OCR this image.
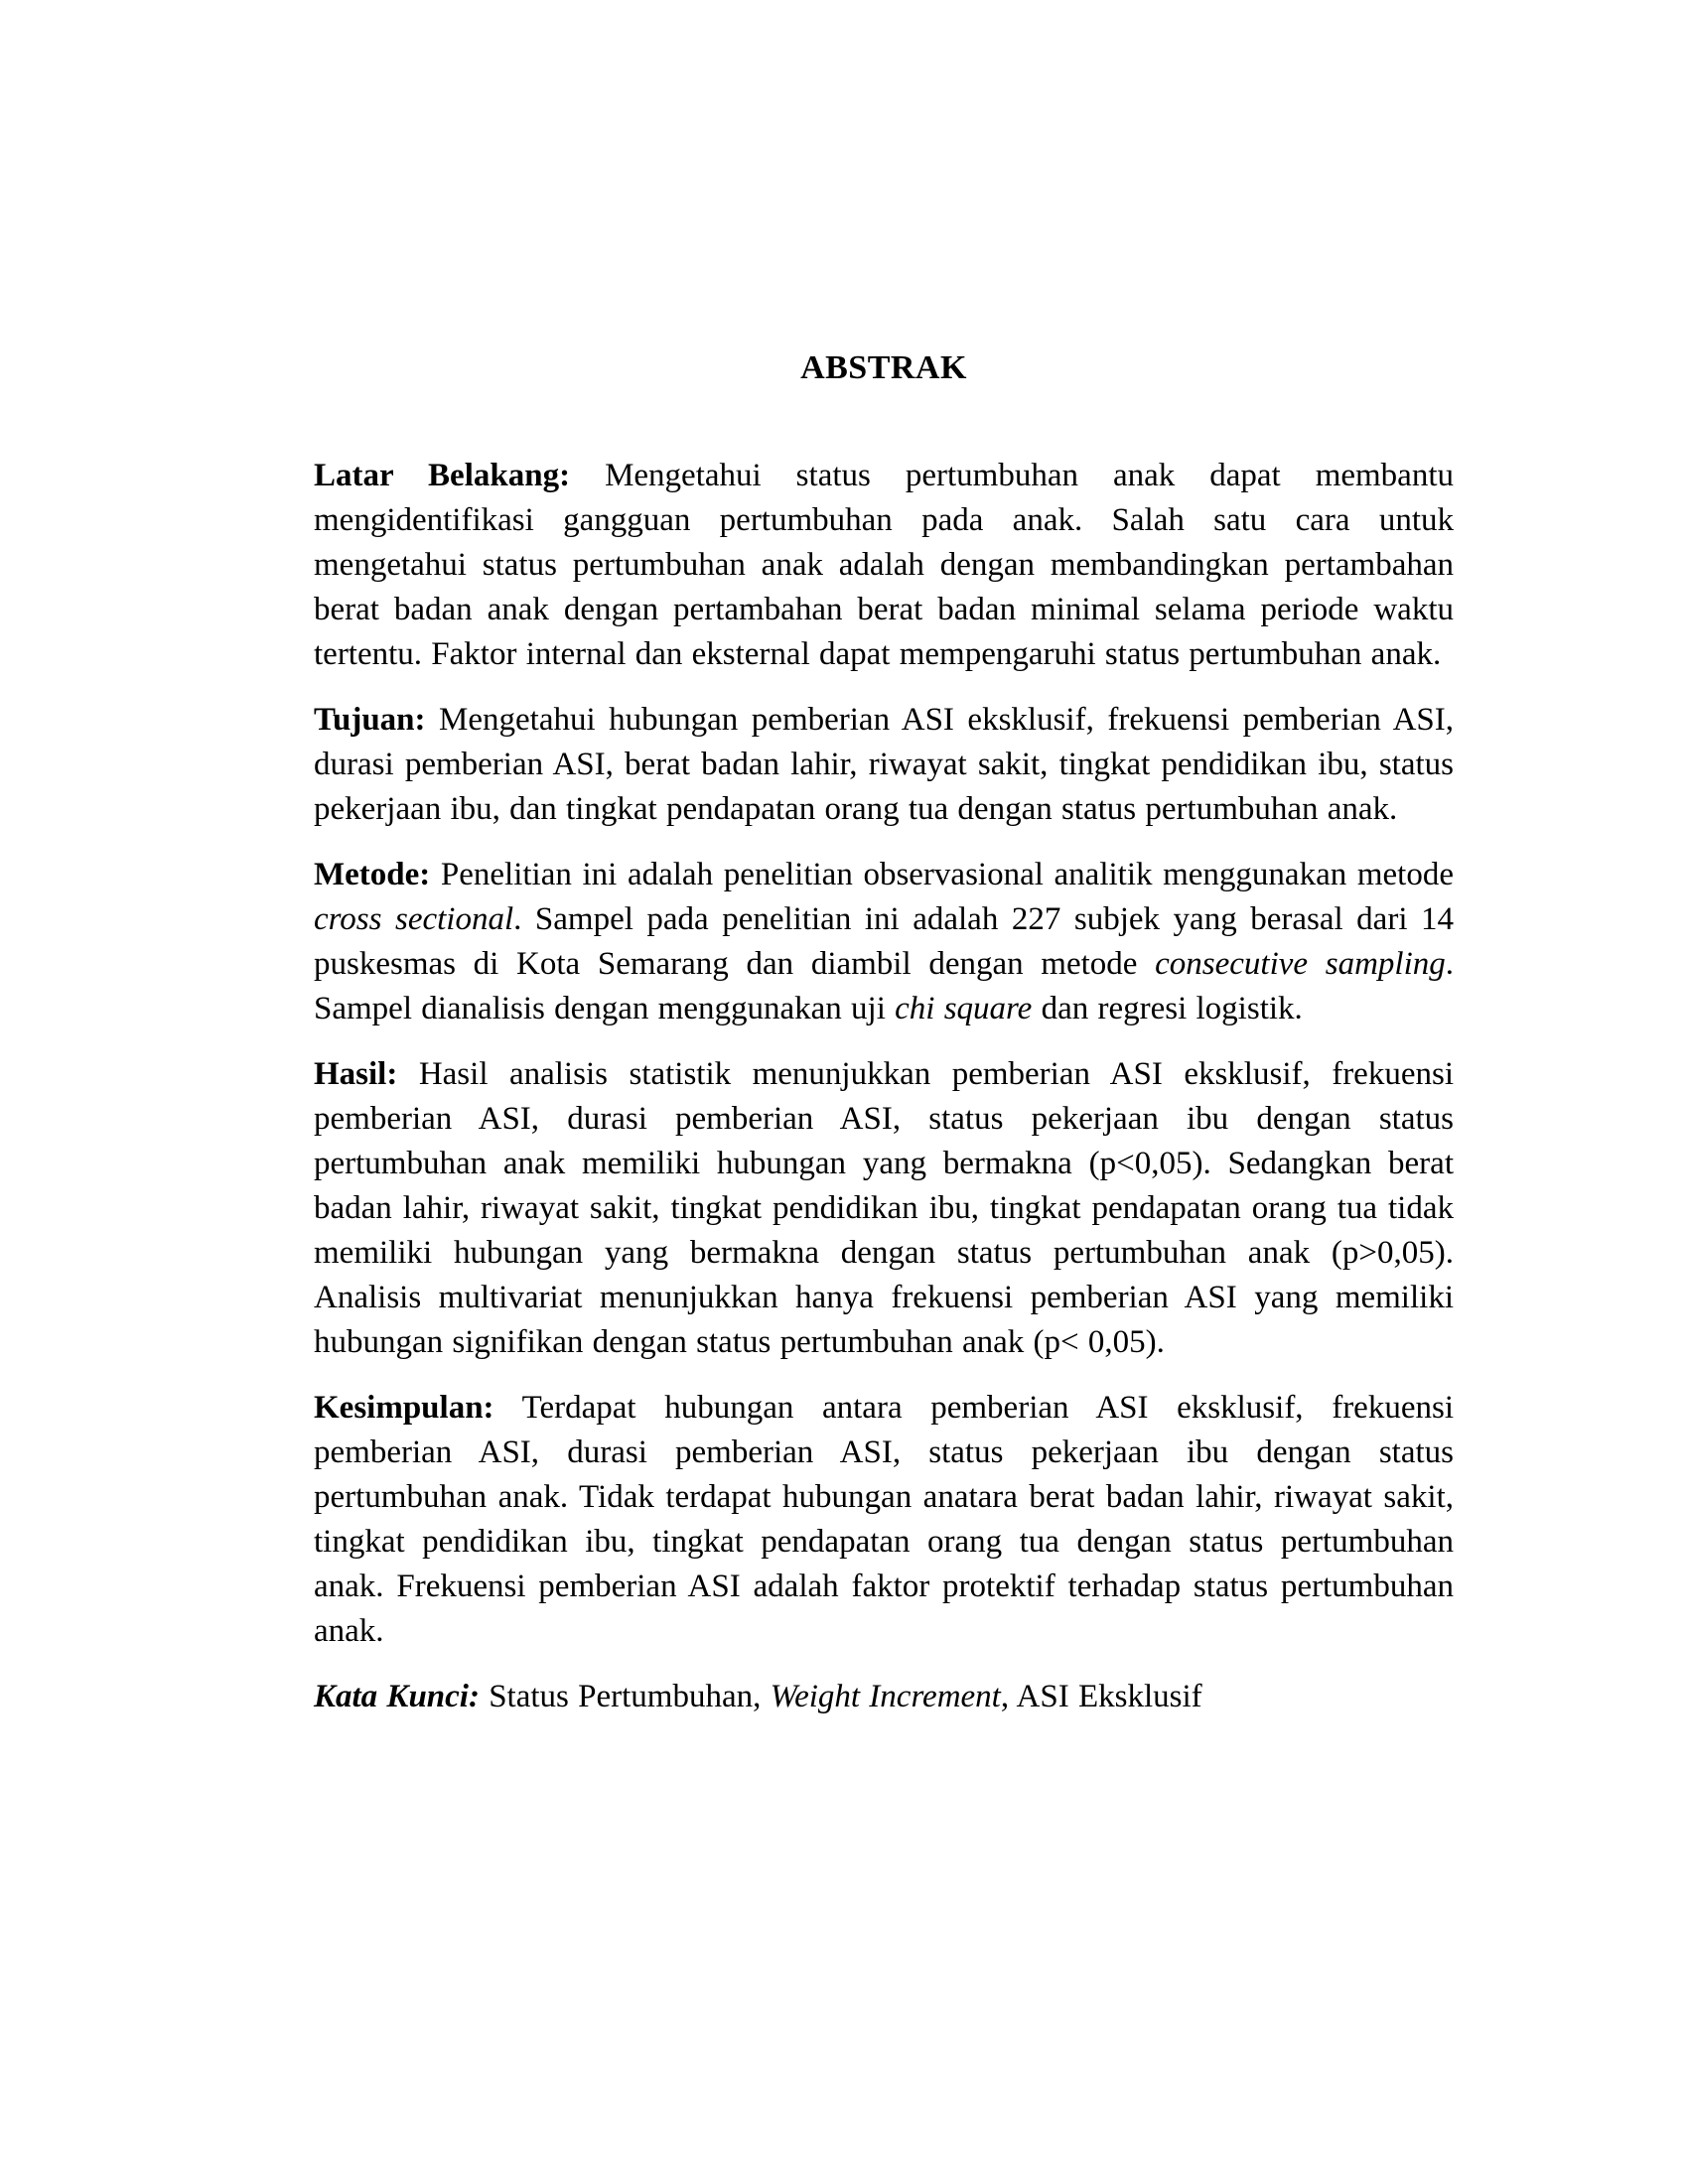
ABSTRAK

Latar Belakang: Mengetahui status pertumbuhan anak dapat membantu mengidentifikasi gangguan pertumbuhan pada anak. Salah satu cara untuk mengetahui status pertumbuhan anak adalah dengan membandingkan pertambahan berat badan anak dengan pertambahan berat badan minimal selama periode waktu tertentu. Faktor internal dan eksternal dapat mempengaruhi status pertumbuhan anak.

Tujuan: Mengetahui hubungan pemberian ASI eksklusif, frekuensi pemberian ASI, durasi pemberian ASI, berat badan lahir, riwayat sakit, tingkat pendidikan ibu, status pekerjaan ibu, dan tingkat pendapatan orang tua dengan status pertumbuhan anak.

Metode: Penelitian ini adalah penelitian observasional analitik menggunakan metode cross sectional. Sampel pada penelitian ini adalah 227 subjek yang berasal dari 14 puskesmas di Kota Semarang dan diambil dengan metode consecutive sampling. Sampel dianalisis dengan menggunakan uji chi square dan regresi logistik.

Hasil: Hasil analisis statistik menunjukkan pemberian ASI eksklusif, frekuensi pemberian ASI, durasi pemberian ASI, status pekerjaan ibu dengan status pertumbuhan anak memiliki hubungan yang bermakna (p<0,05). Sedangkan berat badan lahir, riwayat sakit, tingkat pendidikan ibu, tingkat pendapatan orang tua tidak memiliki hubungan yang bermakna dengan status pertumbuhan anak (p>0,05). Analisis multivariat menunjukkan hanya frekuensi pemberian ASI yang memiliki hubungan signifikan dengan status pertumbuhan anak (p< 0,05).

Kesimpulan: Terdapat hubungan antara pemberian ASI eksklusif, frekuensi pemberian ASI, durasi pemberian ASI, status pekerjaan ibu dengan status pertumbuhan anak. Tidak terdapat hubungan anatara berat badan lahir, riwayat sakit, tingkat pendidikan ibu, tingkat pendapatan orang tua dengan status pertumbuhan anak. Frekuensi pemberian ASI adalah faktor protektif terhadap status pertumbuhan anak.

Kata Kunci: Status Pertumbuhan, Weight Increment, ASI Eksklusif
